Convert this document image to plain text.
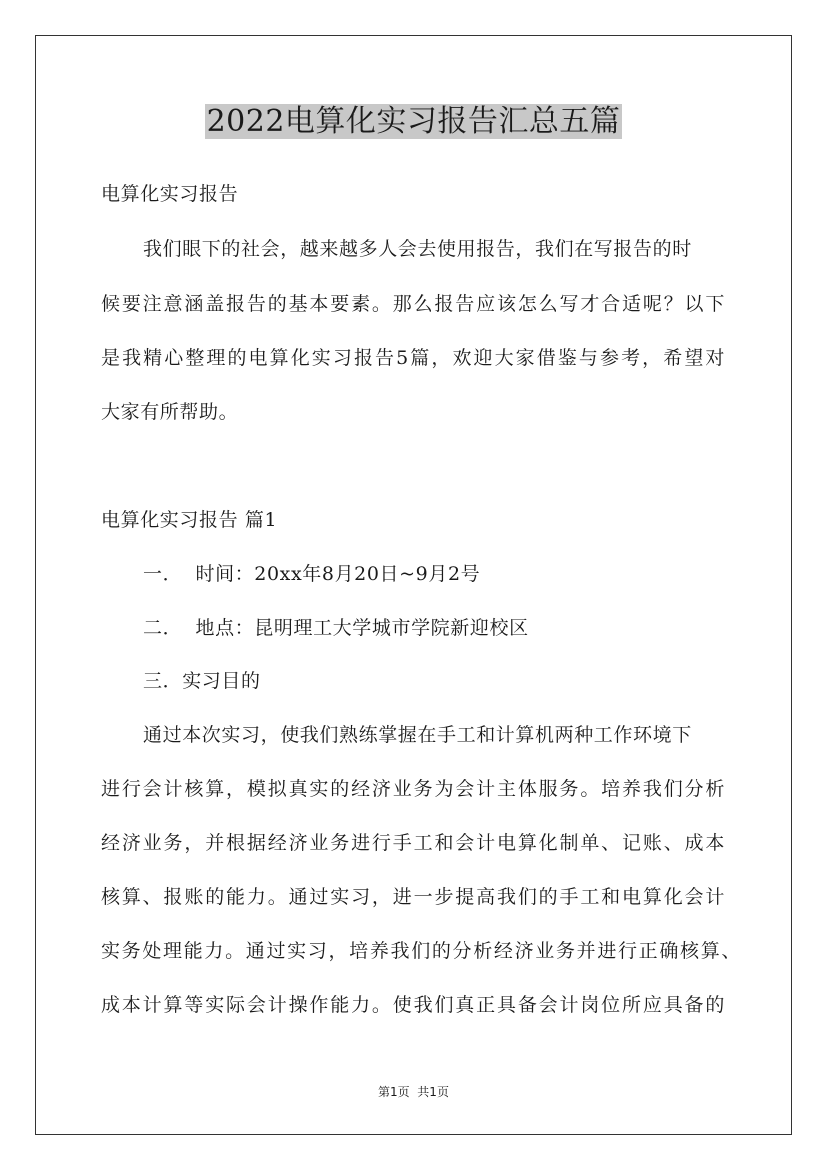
2022电算化实习报告汇总五篇
电算化实习报告
我们眼下的社会，越来越多人会去使用报告，我们在写报告的时
候要注意涵盖报告的基本要素。那么报告应该怎么写才合适呢？以下
是我精心整理的电算化实习报告5篇，欢迎大家借鉴与参考，希望对
大家有所帮助。
电算化实习报告 篇1
一．  时间：20xx年8月20日~9月2号
二．  地点：昆明理工大学城市学院新迎校区
三．实习目的
通过本次实习，使我们熟练掌握在手工和计算机两种工作环境下
进行会计核算，模拟真实的经济业务为会计主体服务。培养我们分析
经济业务，并根据经济业务进行手工和会计电算化制单、记账、成本
核算、报账的能力。通过实习，进一步提高我们的手工和电算化会计
实务处理能力。通过实习，培养我们的分析经济业务并进行正确核算、
成本计算等实际会计操作能力。使我们真正具备会计岗位所应具备的
第1页  共1页
